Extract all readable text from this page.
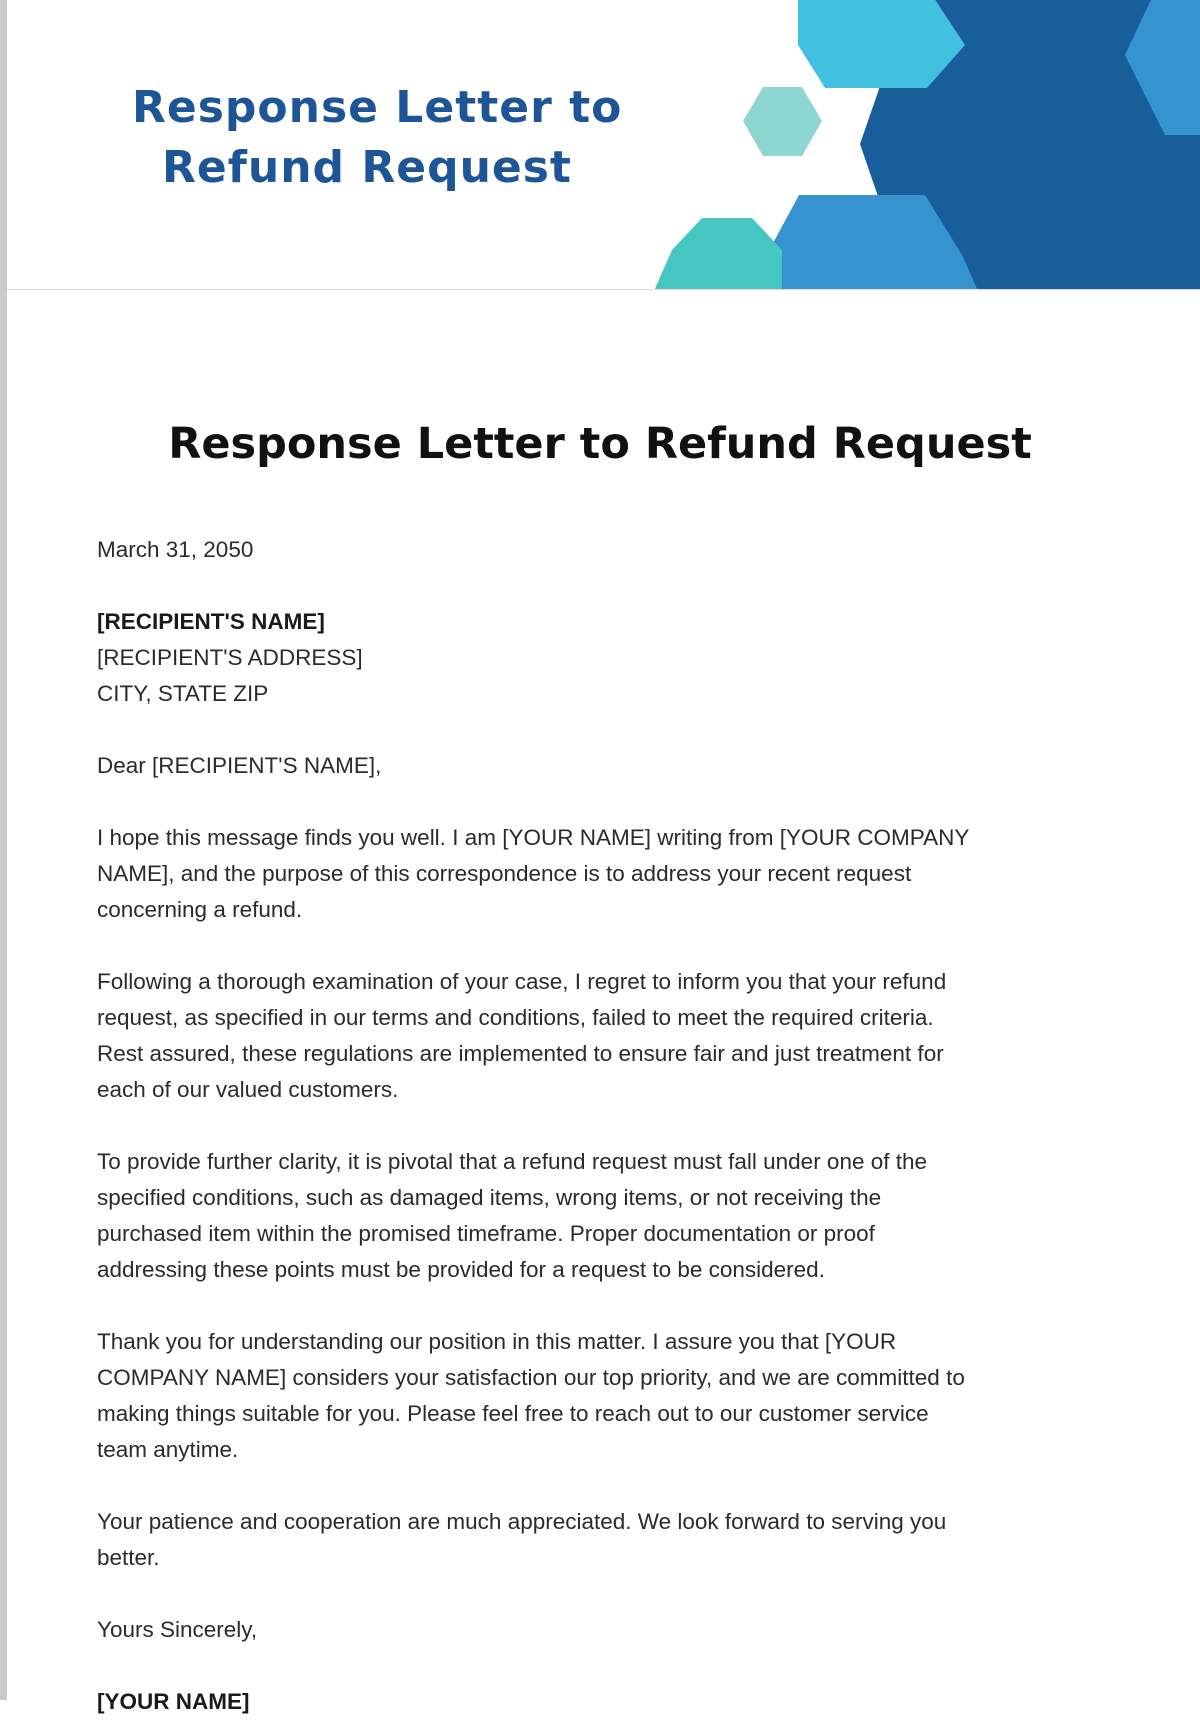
Response Letter to
Refund Request
Response Letter to Refund Request
March 31, 2050
[RECIPIENT'S NAME]
[RECIPIENT'S ADDRESS]
CITY, STATE ZIP
Dear [RECIPIENT'S NAME],
I hope this message finds you well. I am [YOUR NAME] writing from [YOUR COMPANY
NAME], and the purpose of this correspondence is to address your recent request
concerning a refund.
Following a thorough examination of your case, I regret to inform you that your refund
request, as specified in our terms and conditions, failed to meet the required criteria.
Rest assured, these regulations are implemented to ensure fair and just treatment for
each of our valued customers.
To provide further clarity, it is pivotal that a refund request must fall under one of the
specified conditions, such as damaged items, wrong items, or not receiving the
purchased item within the promised timeframe. Proper documentation or proof
addressing these points must be provided for a request to be considered.
Thank you for understanding our position in this matter. I assure you that [YOUR
COMPANY NAME] considers your satisfaction our top priority, and we are committed to
making things suitable for you. Please feel free to reach out to our customer service
team anytime.
Your patience and cooperation are much appreciated. We look forward to serving you
better.
Yours Sincerely,
[YOUR NAME]
